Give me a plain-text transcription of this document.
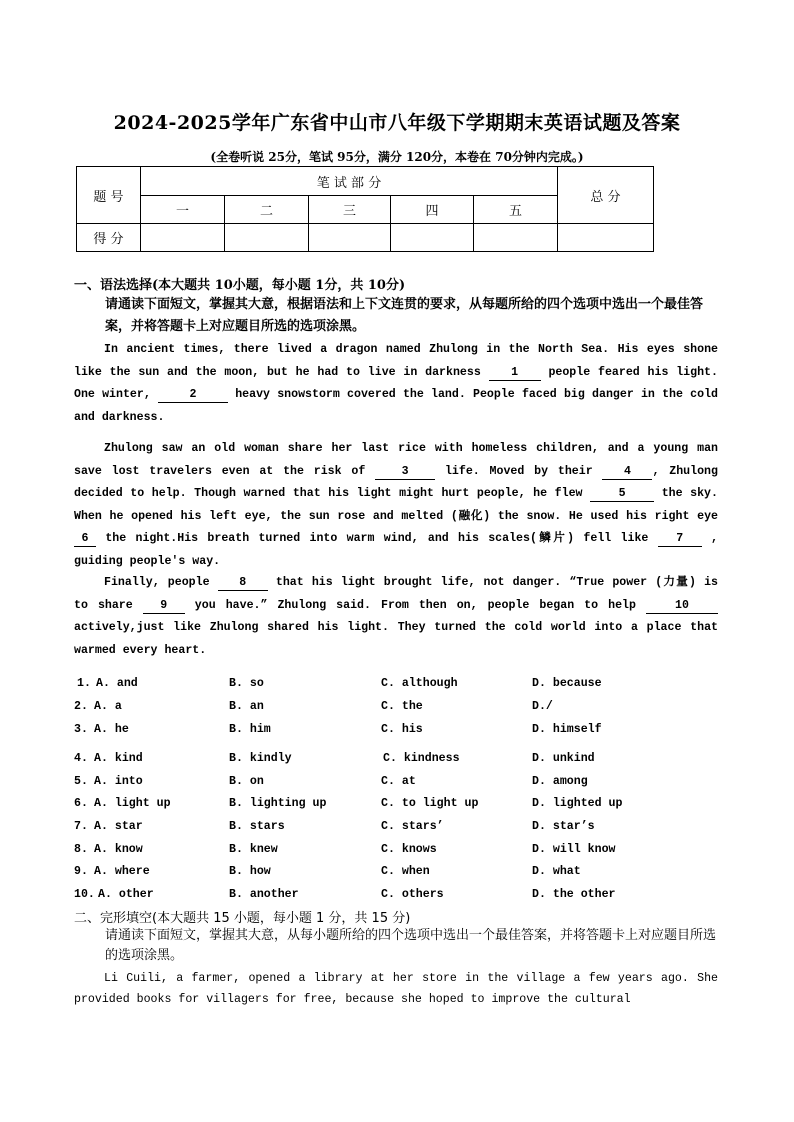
2024-2025学年广东省中山市八年级下学期期末英语试题及答案
(全卷听说 25分，笔试 95分，满分 120分，本卷在 70分钟内完成。)
题 号	笔 试 部 分					总 分
	一	二	三	四	五	
得 分						
一、语法选择(本大题共 10小题，每小题 1分，共 10分)
请通读下面短文，掌握其大意，根据语法和上下文连贯的要求，从每题所给的四个选项中选出一个最佳答案，并将答题卡上对应题目所选的选项涂黑。
In ancient times, there lived a dragon named Zhulong in the North Sea. His eyes shone like the sun and the moon, but he had to live in darkness	1	people feared his light. One winter,	2	heavy snowstorm covered the land. People faced big danger in the cold and darkness.
Zhulong saw an old woman share her last rice with homeless children, and a young man save lost travelers even at the risk of	3	life. Moved by their	4 , Zhulong decided to help. Though warned that his light might hurt people, he flew	5	the sky. When he opened his left eye, the sun rose and melted (融化) the snow. He used his right eye 6 the night.His breath turned into warm wind, and his scales(鳞片) fell like 7 , guiding people's way.
Finally, people	8	that his light brought life, not danger. “True power (力量) is to share 9 you have.” Zhulong said. From then on, people began to help	10 actively,just like Zhulong shared his light. They turned the cold world into a place that warmed every heart.
1. A. and	B. so	C. although	D. because
2. A. a	B. an	C. the	D./
3. A. he	B. him	C. his	D. himself
4. A. kind	B. kindly	C. kindness	D. unkind
5. A. into	B. on	C. at	D. among
6. A. light up	B. lighting up	C. to light up	D. lighted up
7. A. star	B. stars	C. stars’	D. star’s
8. A. know	B. knew	C. knows	D. will know
9. A. where	B. how	C. when	D. what
10. A. other	B. another	C. others	D. the other
二、完形填空(本大题共 15 小题，每小题 1 分，共 15 分)
请通读下面短文，掌握其大意，从每小题所给的四个选项中选出一个最佳答案，并将答题卡上对应题目所选的选项涂黑。
Li Cuili, a farmer, opened a library at her store in the village a few years ago. She provided books for villagers for free, because she hoped to improve the cultural
